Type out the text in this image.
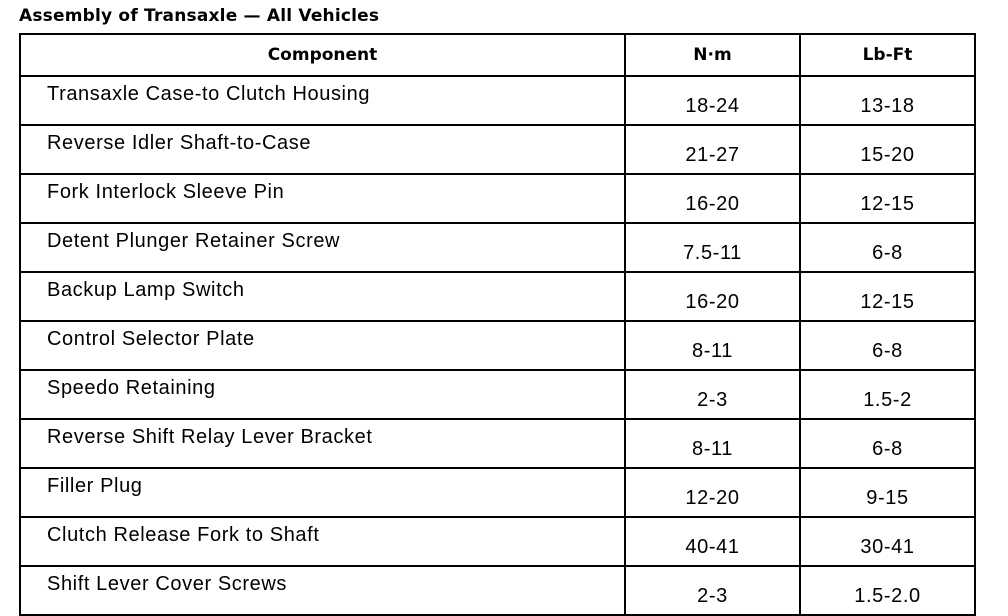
Assembly of Transaxle — All Vehicles
Component	N·m	Lb-Ft
Transaxle Case-to Clutch Housing	18-24	13-18
Reverse Idler Shaft-to-Case	21-27	15-20
Fork Interlock Sleeve Pin	16-20	12-15
Detent Plunger Retainer Screw	7.5-11	6-8
Backup Lamp Switch	16-20	12-15
Control Selector Plate	8-11	6-8
Speedo Retaining	2-3	1.5-2
Reverse Shift Relay Lever Bracket	8-11	6-8
Filler Plug	12-20	9-15
Clutch Release Fork to Shaft	40-41	30-41
Shift Lever Cover Screws	2-3	1.5-2.0
